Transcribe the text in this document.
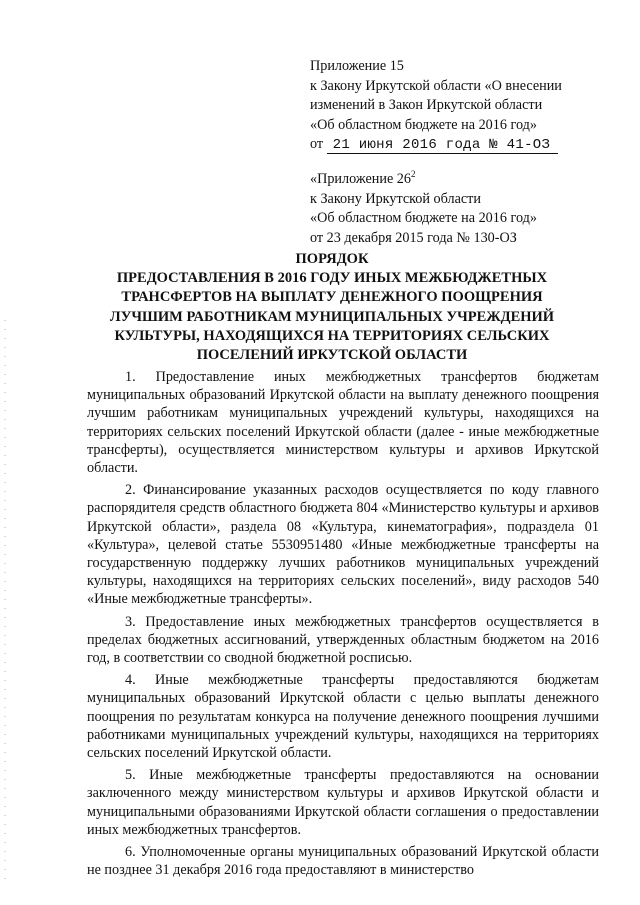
Приложение 15
к Закону Иркутской области «О внесении
изменений в Закон Иркутской области
«Об областном бюджете на 2016 год»
от 21 июня 2016 года № 41-ОЗ
«Приложение $26^2$
к Закону Иркутской области
«Об областном бюджете на 2016 год»
от 23 декабря 2015 года № 130-ОЗ
ПОРЯДОК
ПРЕДОСТАВЛЕНИЯ В 2016 ГОДУ ИНЫХ МЕЖБЮДЖЕТНЫХ
ТРАНСФЕРТОВ НА ВЫПЛАТУ ДЕНЕЖНОГО ПООЩРЕНИЯ
ЛУЧШИМ РАБОТНИКАМ МУНИЦИПАЛЬНЫХ УЧРЕЖДЕНИЙ
КУЛЬТУРЫ, НАХОДЯЩИХСЯ НА ТЕРРИТОРИЯХ СЕЛЬСКИХ
ПОСЕЛЕНИЙ ИРКУТСКОЙ ОБЛАСТИ

1. Предоставление иных межбюджетных трансфертов бюджетам муниципальных образований Иркутской области на выплату денежного поощрения лучшим работникам муниципальных учреждений культуры, находящихся на территориях сельских поселений Иркутской области (далее - иные межбюджетные трансферты), осуществляется министерством культуры и архивов Иркутской области.

2. Финансирование указанных расходов осуществляется по коду главного распорядителя средств областного бюджета 804 «Министерство культуры и архивов Иркутской области», раздела 08 «Культура, кинематография», подраздела 01 «Культура», целевой статье 5530951480 «Иные межбюджетные трансферты на государственную поддержку лучших работников муниципальных учреждений культуры, находящихся на территориях сельских поселений», виду расходов 540 «Иные межбюджетные трансферты».

3. Предоставление иных межбюджетных трансфертов осуществляется в пределах бюджетных ассигнований, утвержденных областным бюджетом на 2016 год, в соответствии со сводной бюджетной росписью.

4. Иные межбюджетные трансферты предоставляются бюджетам муниципальных образований Иркутской области с целью выплаты денежного поощрения по результатам конкурса на получение денежного поощрения лучшими работниками муниципальных учреждений культуры, находящихся на территориях сельских поселений Иркутской области.

5. Иные межбюджетные трансферты предоставляются на основании заключенного между министерством культуры и архивов Иркутской области и муниципальными образованиями Иркутской области соглашения о предоставлении иных межбюджетных трансфертов.

6. Уполномоченные органы муниципальных образований Иркутской области не позднее 31 декабря 2016 года предоставляют в министерство
